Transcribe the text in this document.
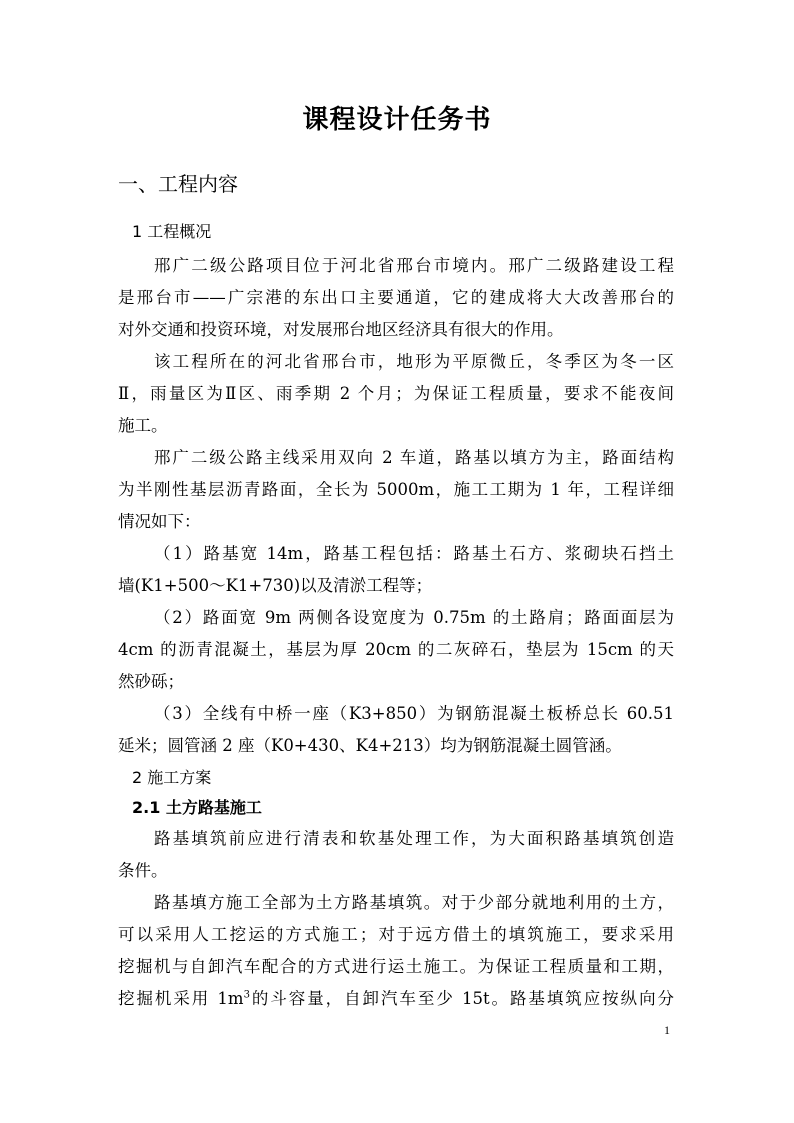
课程设计任务书
一、工程内容
1 工程概况
邢广二级公路项目位于河北省邢台市境内。邢广二级路建设工程
是邢台市——广宗港的东出口主要通道，它的建成将大大改善邢台的
对外交通和投资环境，对发展邢台地区经济具有很大的作用。
该工程所在的河北省邢台市，地形为平原微丘，冬季区为冬一区
Ⅱ，雨量区为Ⅱ区、雨季期 2 个月；为保证工程质量，要求不能夜间
施工。
邢广二级公路主线采用双向 2 车道，路基以填方为主，路面结构
为半刚性基层沥青路面，全长为 5000m，施工工期为 1 年，工程详细
情况如下：
（1）路基宽 14m，路基工程包括：路基土石方、浆砌块石挡土
墙(K1+500～K1+730)以及清淤工程等；
（2）路面宽 9m 两侧各设宽度为 0.75m 的土路肩；路面面层为
4cm 的沥青混凝土，基层为厚 20cm 的二灰碎石，垫层为 15cm 的天
然砂砾；
（3）全线有中桥一座（K3+850）为钢筋混凝土板桥总长 60.51
延米；圆管涵 2 座（K0+430、K4+213）均为钢筋混凝土圆管涵。
2 施工方案
2.1 土方路基施工
路基填筑前应进行清表和软基处理工作，为大面积路基填筑创造
条件。
路基填方施工全部为土方路基填筑。对于少部分就地利用的土方，
可以采用人工挖运的方式施工；对于远方借土的填筑施工，要求采用
挖掘机与自卸汽车配合的方式进行运土施工。为保证工程质量和工期，
挖掘机采用 $1m^3$的斗容量，自卸汽车至少 15t。路基填筑应按纵向分
1
